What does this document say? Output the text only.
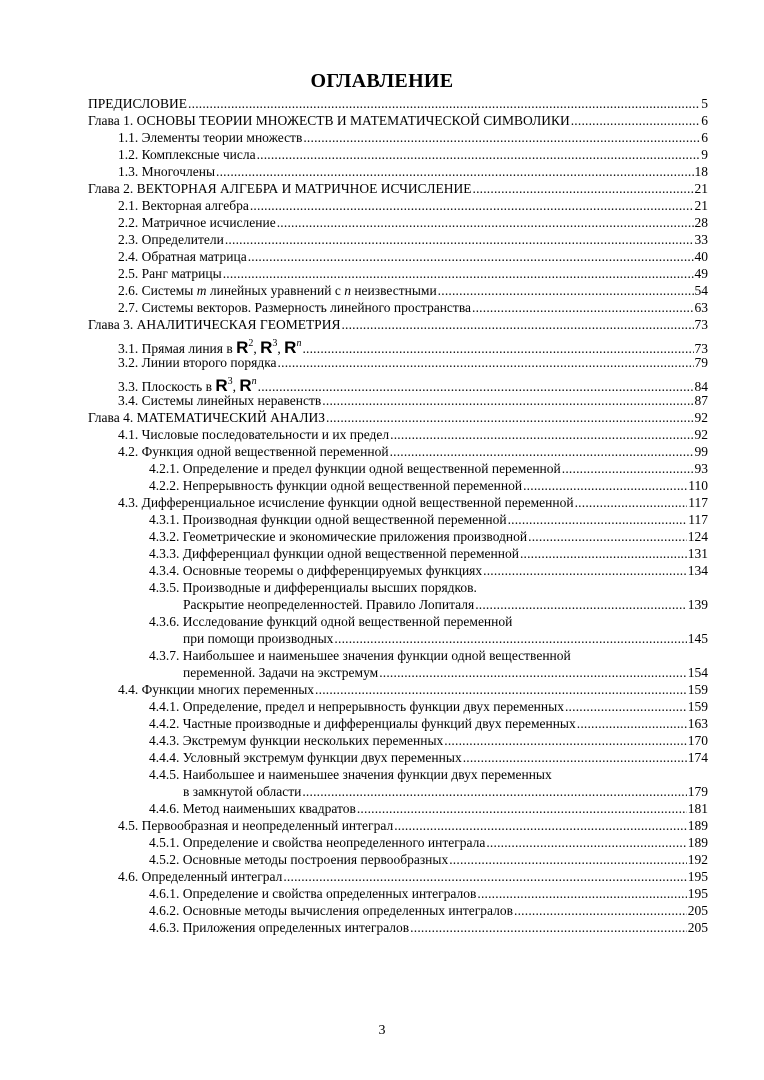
ОГЛАВЛЕНИЕ
ПРЕДИСЛОВИЕ .....	5
Глава 1. ОСНОВЫ ТЕОРИИ МНОЖЕСТВ И МАТЕМАТИЧЕСКОЙ СИМВОЛИКИ .....	6
1.1. Элементы теории множеств .....	6
1.2. Комплексные числа .....	9
1.3. Многочлены .....	18
Глава 2. ВЕКТОРНАЯ АЛГЕБРА И МАТРИЧНОЕ ИСЧИСЛЕНИЕ .....	21
2.1. Векторная алгебра .....	21
2.2. Матричное исчисление .....	28
2.3. Определители .....	33
2.4. Обратная матрица .....	40
2.5. Ранг матрицы .....	49
2.6. Системы m линейных уравнений с n неизвестными .....	54
2.7. Системы векторов. Размерность линейного пространства .....	63
Глава 3. АНАЛИТИЧЕСКАЯ ГЕОМЕТРИЯ .....	73
3.1. Прямая линия в $R^2$, $R^3$, $R^n$ .....	73
3.2. Линии второго порядка .....	79
3.3. Плоскость в $R^3$, $R^n$ .....	84
3.4. Системы линейных неравенств .....	87
Глава 4. МАТЕМАТИЧЕСКИЙ АНАЛИЗ .....	92
4.1. Числовые последовательности и их предел .....	92
4.2. Функция одной вещественной переменной .....	99
4.2.1. Определение и предел функции одной вещественной переменной .....	93
4.2.2. Непрерывность функции одной вещественной переменной .....	110
4.3. Дифференциальное исчисление функции одной вещественной переменной .....	117
4.3.1. Производная функции одной вещественной переменной .....	117
4.3.2. Геометрические и экономические приложения производной .....	124
4.3.3. Дифференциал функции одной вещественной переменной .....	131
4.3.4. Основные теоремы о дифференцируемых функциях .....	134
4.3.5. Производные и дифференциалы высших порядков.
Раскрытие неопределенностей. Правило Лопиталя .....	139
4.3.6. Исследование функций одной вещественной переменной
при помощи производных .....	145
4.3.7. Наибольшее и наименьшее значения функции одной вещественной
переменной. Задачи на экстремум .....	154
4.4. Функции многих переменных .....	159
4.4.1. Определение, предел и непрерывность функции двух переменных .....	159
4.4.2. Частные производные и дифференциалы функций двух переменных .....	163
4.4.3. Экстремум функции нескольких переменных .....	170
4.4.4. Условный экстремум функции двух переменных .....	174
4.4.5. Наибольшее и наименьшее значения функции двух переменных
в замкнутой области .....	179
4.4.6. Метод наименьших квадратов .....	181
4.5. Первообразная и неопределенный интеграл .....	189
4.5.1. Определение и свойства неопределенного интеграла .....	189
4.5.2. Основные методы построения первообразных .....	192
4.6. Определенный интеграл .....	195
4.6.1. Определение и свойства определенных интегралов .....	195
4.6.2. Основные методы вычисления определенных интегралов .....	205
4.6.3. Приложения определенных интегралов .....	205
3
